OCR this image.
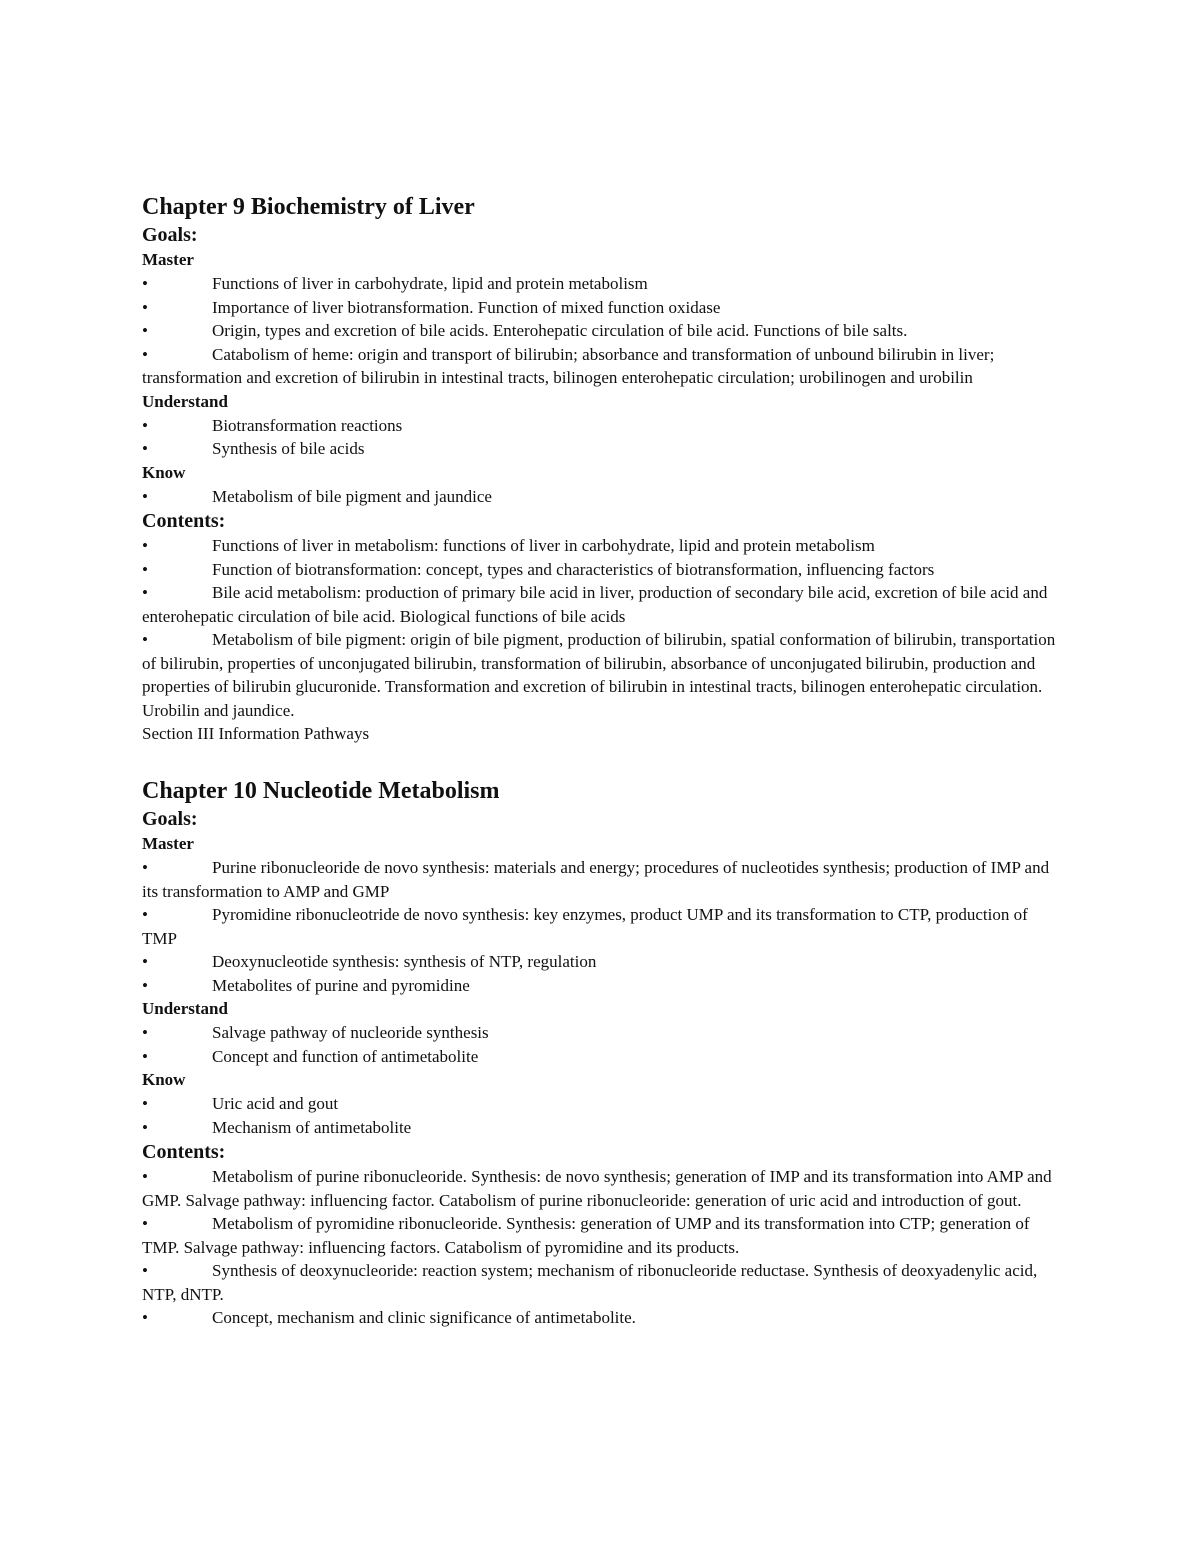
Chapter 9 Biochemistry of Liver
Goals:
Master

•	Functions of liver in carbohydrate, lipid and protein metabolism

•	Importance of liver biotransformation. Function of mixed function oxidase

•	Origin, types and excretion of bile acids. Enterohepatic circulation of bile acid. Functions of bile salts.

•	Catabolism of heme: origin and transport of bilirubin; absorbance and transformation of unbound bilirubin in liver; transformation and excretion of bilirubin in intestinal tracts, bilinogen enterohepatic circulation; urobilinogen and urobilin

Understand

•	Biotransformation reactions

•	Synthesis of bile acids

Know

•	Metabolism of bile pigment and jaundice

Contents:

•	Functions of liver in metabolism: functions of liver in carbohydrate, lipid and protein metabolism

•	Function of biotransformation: concept, types and characteristics of biotransformation, influencing factors

•	Bile acid metabolism: production of primary bile acid in liver, production of secondary bile acid, excretion of bile acid and enterohepatic circulation of bile acid. Biological functions of bile acids

•	Metabolism of bile pigment: origin of bile pigment, production of bilirubin, spatial conformation of bilirubin, transportation of bilirubin, properties of unconjugated bilirubin, transformation of bilirubin, absorbance of unconjugated bilirubin, production and properties of bilirubin glucuronide. Transformation and excretion of bilirubin in intestinal tracts, bilinogen enterohepatic circulation. Urobilin and jaundice.

Section III Information Pathways

Chapter 10 Nucleotide Metabolism
Goals:
Master

•	Purine ribonucleoride de novo synthesis: materials and energy; procedures of nucleotides synthesis; production of IMP and its transformation to AMP and GMP

•	Pyromidine ribonucleotride de novo synthesis: key enzymes, product UMP and its transformation to CTP, production of TMP

•	Deoxynucleotide synthesis: synthesis of NTP, regulation

•	Metabolites of purine and pyromidine

Understand

•	Salvage pathway of nucleoride synthesis

•	Concept and function of antimetabolite

Know

•	Uric acid and gout

•	Mechanism of antimetabolite

Contents:

•	Metabolism of purine ribonucleoride. Synthesis: de novo synthesis; generation of IMP and its transformation into AMP and GMP. Salvage pathway: influencing factor. Catabolism of purine ribonucleoride: generation of uric acid and introduction of gout.

•	Metabolism of pyromidine ribonucleoride. Synthesis: generation of UMP and its transformation into CTP; generation of TMP. Salvage pathway: influencing factors. Catabolism of pyromidine and its products.

•	Synthesis of deoxynucleoride: reaction system; mechanism of ribonucleoride reductase. Synthesis of deoxyadenylic acid, NTP, dNTP.

•	Concept, mechanism and clinic significance of antimetabolite.
